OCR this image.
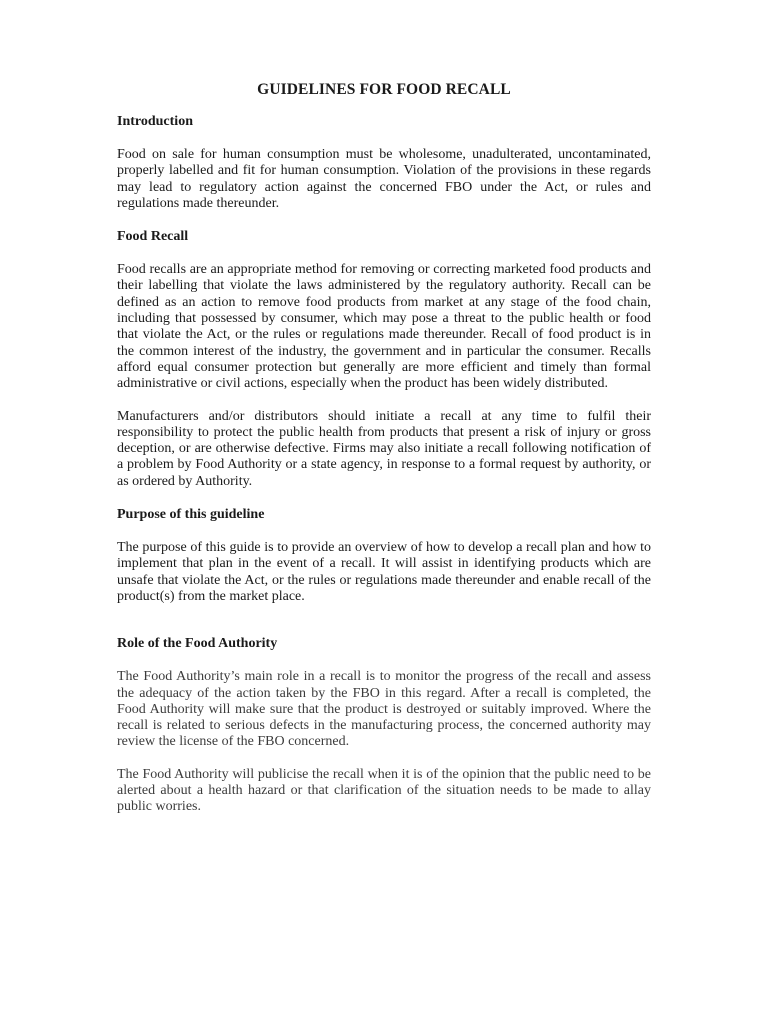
GUIDELINES FOR FOOD RECALL
Introduction

Food on sale for human consumption must be wholesome, unadulterated, uncontaminated, properly labelled and fit for human consumption. Violation of the provisions in these regards may lead to regulatory action against the concerned FBO under the Act, or rules and regulations made thereunder.

Food Recall

Food recalls are an appropriate method for removing or correcting marketed food products and their labelling that violate the laws administered by the regulatory authority. Recall can be defined as an action to remove food products from market at any stage of the food chain, including that possessed by consumer, which may pose a threat to the public health or food that violate the Act, or the rules or regulations made thereunder. Recall of food product is in the common interest of the industry, the government and in particular the consumer. Recalls afford equal consumer protection but generally are more efficient and timely than formal administrative or civil actions, especially when the product has been widely distributed.

Manufacturers and/or distributors should initiate a recall at any time to fulfil their responsibility to protect the public health from products that present a risk of injury or gross deception, or are otherwise defective. Firms may also initiate a recall following notification of a problem by Food Authority or a state agency, in response to a formal request by authority, or as ordered by Authority.

Purpose of this guideline

The purpose of this guide is to provide an overview of how to develop a recall plan and how to implement that plan in the event of a recall. It will assist in identifying products which are unsafe that violate the Act, or the rules or regulations made thereunder and enable recall of the product(s) from the market place.

Role of the Food Authority

The Food Authority’s main role in a recall is to monitor the progress of the recall and assess the adequacy of the action taken by the FBO in this regard. After a recall is completed, the Food Authority will make sure that the product is destroyed or suitably improved. Where the recall is related to serious defects in the manufacturing process, the concerned authority may review the license of the FBO concerned.

The Food Authority will publicise the recall when it is of the opinion that the public need to be alerted about a health hazard or that clarification of the situation needs to be made to allay public worries.
